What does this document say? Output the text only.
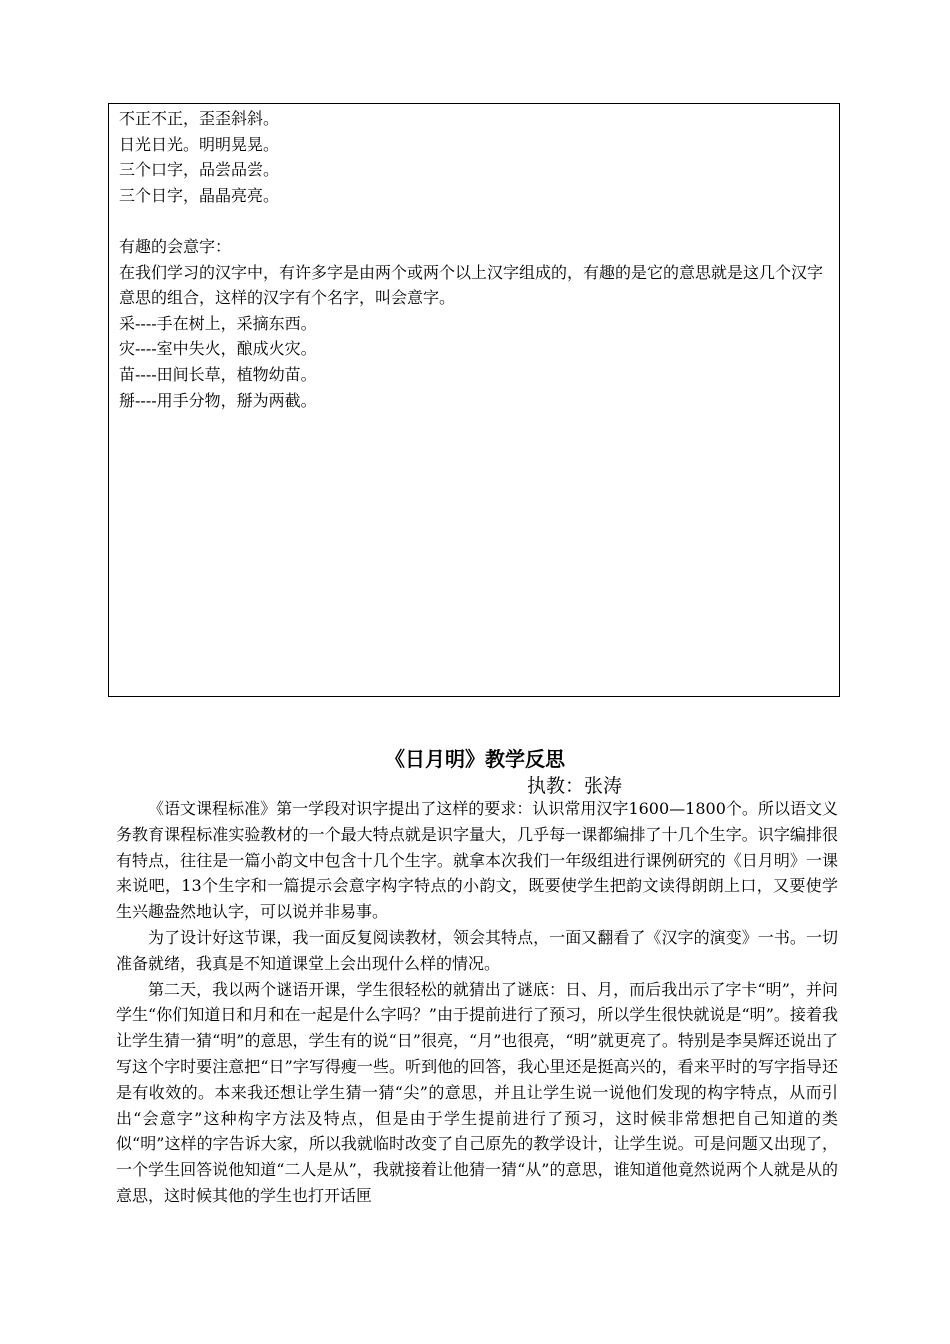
不正不正，歪歪斜斜。
日光日光。明明晃晃。
三个口字，品尝品尝。
三个日字，晶晶亮亮。
有趣的会意字：
在我们学习的汉字中，有许多字是由两个或两个以上汉字组成的，有趣的是它的意思就是这几个汉字意思的组合，这样的汉字有个名字，叫会意字。
采----手在树上，采摘东西。
灾----室中失火，酿成火灾。
苗----田间长草，植物幼苗。
掰----用手分物，掰为两截。
《日月明》教学反思
执教：张涛

《语文课程标准》第一学段对识字提出了这样的要求：认识常用汉字1600—1800个。所以语文义务教育课程标准实验教材的一个最大特点就是识字量大，几乎每一课都编排了十几个生字。识字编排很有特点，往往是一篇小韵文中包含十几个生字。就拿本次我们一年级组进行课例研究的《日月明》一课来说吧，13个生字和一篇提示会意字构字特点的小韵文，既要使学生把韵文读得朗朗上口，又要使学生兴趣盎然地认字，可以说并非易事。

为了设计好这节课，我一面反复阅读教材，领会其特点，一面又翻看了《汉字的演变》一书。一切准备就绪，我真是不知道课堂上会出现什么样的情况。

第二天，我以两个谜语开课，学生很轻松的就猜出了谜底：日、月，而后我出示了字卡“明”，并问学生“你们知道日和月和在一起是什么字吗？”由于提前进行了预习，所以学生很快就说是“明”。接着我让学生猜一猜“明”的意思，学生有的说“日”很亮，“月”也很亮，“明”就更亮了。特别是李昊辉还说出了写这个字时要注意把“日”字写得瘦一些。听到他的回答，我心里还是挺高兴的，看来平时的写字指导还是有收效的。本来我还想让学生猜一猜“尖”的意思，并且让学生说一说他们发现的构字特点，从而引出“会意字”这种构字方法及特点，但是由于学生提前进行了预习，这时候非常想把自己知道的类似“明”这样的字告诉大家，所以我就临时改变了自己原先的教学设计，让学生说。可是问题又出现了，一个学生回答说他知道“二人是从”，我就接着让他猜一猜“从”的意思，谁知道他竟然说两个人就是从的意思，这时候其他的学生也打开话匣
